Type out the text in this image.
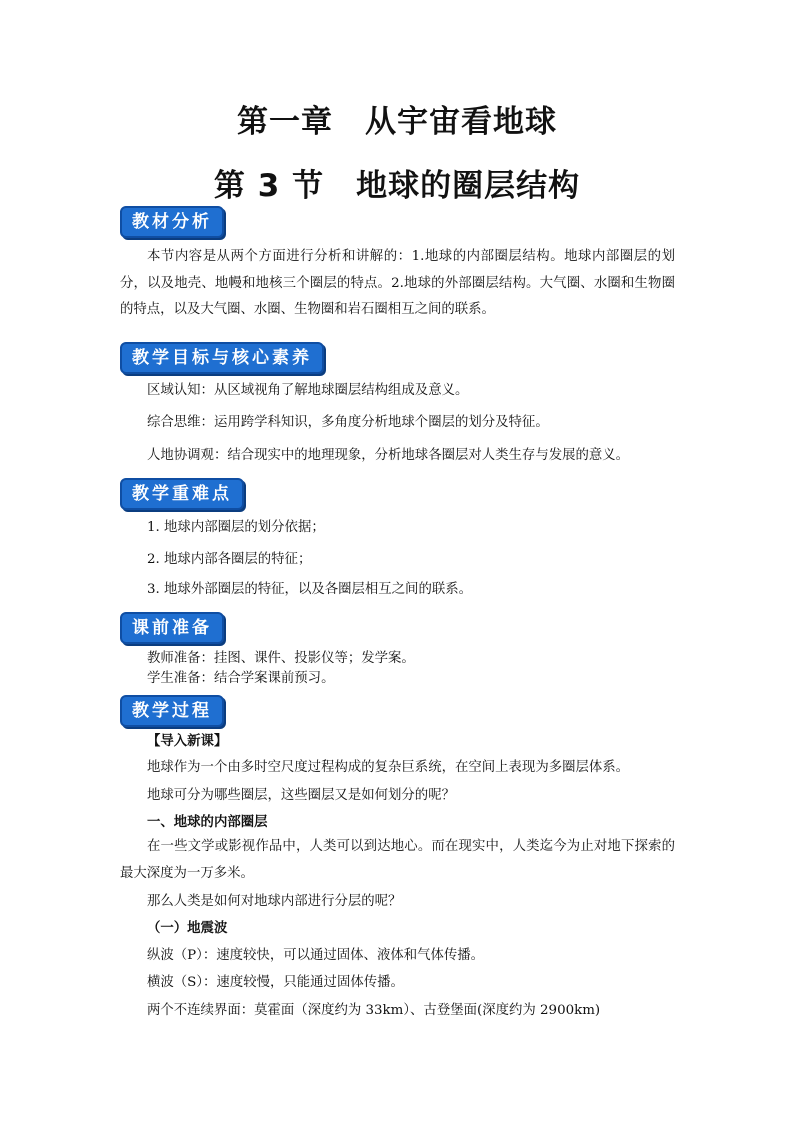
第一章　从宇宙看地球
第 3 节　地球的圈层结构
教材分析
本节内容是从两个方面进行分析和讲解的：1.地球的内部圈层结构。地球内部圈层的划分，以及地壳、地幔和地核三个圈层的特点。2.地球的外部圈层结构。大气圈、水圈和生物圈的特点，以及大气圈、水圈、生物圈和岩石圈相互之间的联系。
教学目标与核心素养
区域认知：从区域视角了解地球圈层结构组成及意义。
综合思维：运用跨学科知识，多角度分析地球个圈层的划分及特征。
人地协调观：结合现实中的地理现象，分析地球各圈层对人类生存与发展的意义。
教学重难点
1. 地球内部圈层的划分依据；
2. 地球内部各圈层的特征；
3. 地球外部圈层的特征，以及各圈层相互之间的联系。
课前准备
教师准备：挂图、课件、投影仪等；发学案。
学生准备：结合学案课前预习。
教学过程
【导入新课】
地球作为一个由多时空尺度过程构成的复杂巨系统，在空间上表现为多圈层体系。
地球可分为哪些圈层，这些圈层又是如何划分的呢？
一、地球的内部圈层
在一些文学或影视作品中，人类可以到达地心。而在现实中，人类迄今为止对地下探索的最大深度为一万多米。
那么人类是如何对地球内部进行分层的呢？
（一）地震波
纵波（P）：速度较快，可以通过固体、液体和气体传播。
横波（S）：速度较慢，只能通过固体传播。
两个不连续界面：莫霍面（深度约为 33km）、古登堡面(深度约为 2900km)
